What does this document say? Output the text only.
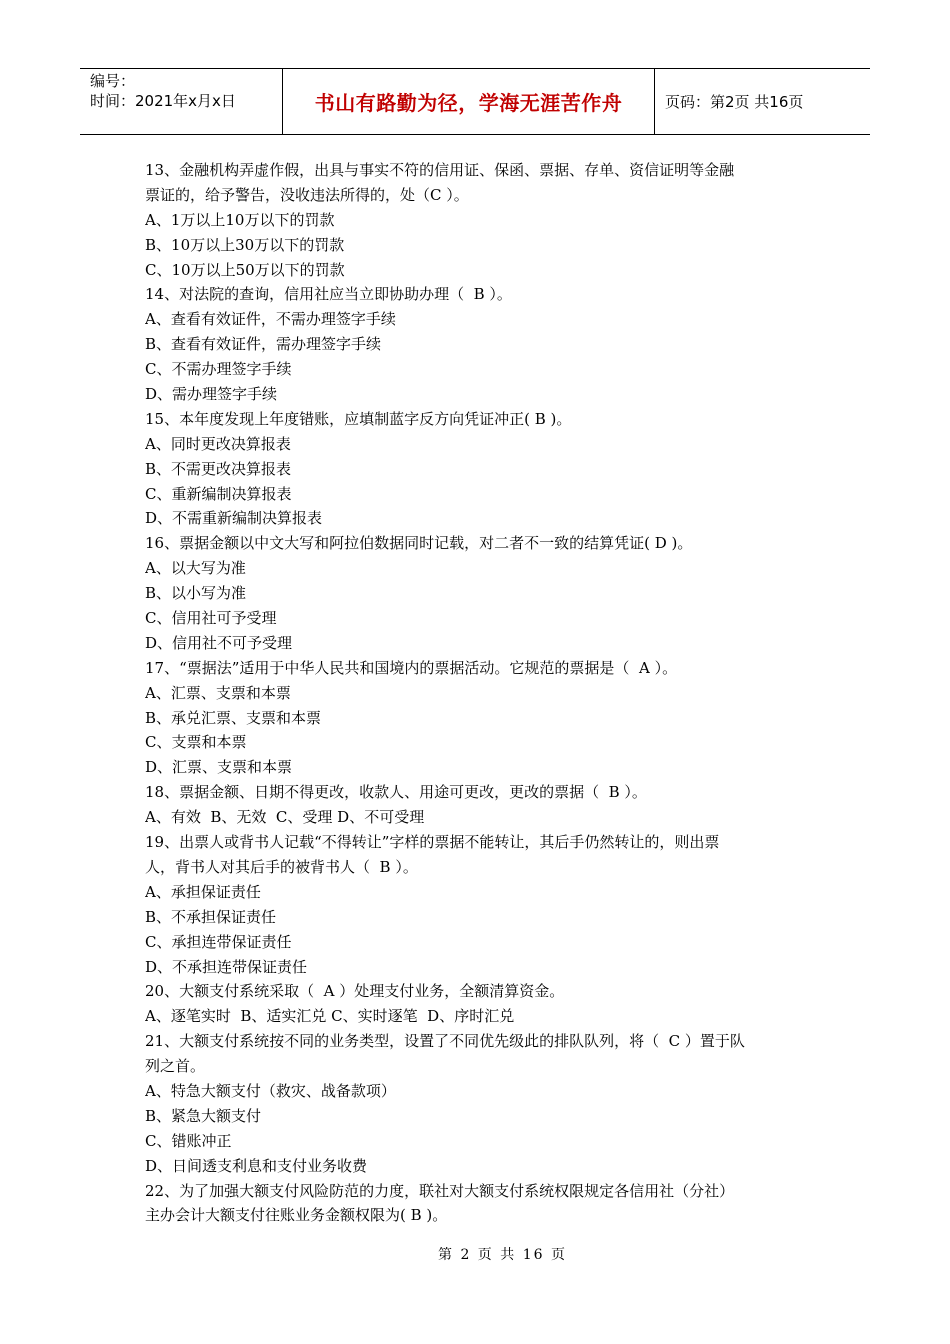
编号：
时间：2021年x月x日	书山有路勤为径，学海无涯苦作舟	页码：第2页 共16页
13、金融机构弄虚作假，出具与事实不符的信用证、保函、票据、存单、资信证明等金融
票证的，给予警告，没收违法所得的，处（C ）。
A、1万以上10万以下的罚款
B、10万以上30万以下的罚款
C、10万以上50万以下的罚款
14、对法院的查询，信用社应当立即协助办理（  B ）。
A、查看有效证件，不需办理签字手续
B、查看有效证件，需办理签字手续
C、不需办理签字手续
D、需办理签字手续
15、本年度发现上年度错账，应填制蓝字反方向凭证冲正( B )。
A、同时更改决算报表
B、不需更改决算报表
C、重新编制决算报表
D、不需重新编制决算报表
16、票据金额以中文大写和阿拉伯数据同时记载，对二者不一致的结算凭证( D )。
A、以大写为准
B、以小写为准
C、信用社可予受理
D、信用社不可予受理
17、“票据法”适用于中华人民共和国境内的票据活动。它规范的票据是（  A ）。
A、汇票、支票和本票
B、承兑汇票、支票和本票
C、支票和本票
D、汇票、支票和本票
18、票据金额、日期不得更改，收款人、用途可更改，更改的票据（  B ）。
A、有效  B、无效  C、受理 D、不可受理
19、出票人或背书人记载“不得转让”字样的票据不能转让，其后手仍然转让的，则出票
人，背书人对其后手的被背书人（  B ）。
A、承担保证责任
B、不承担保证责任
C、承担连带保证责任
D、不承担连带保证责任
20、大额支付系统采取（  A ）处理支付业务，全额清算资金。
A、逐笔实时  B、适实汇兑 C、实时逐笔  D、序时汇兑
21、大额支付系统按不同的业务类型，设置了不同优先级此的排队队列，将（  C ）置于队
列之首。
A、特急大额支付（救灾、战备款项）
B、紧急大额支付
C、错账冲正
D、日间透支利息和支付业务收费
22、为了加强大额支付风险防范的力度，联社对大额支付系统权限规定各信用社（分社）
主办会计大额支付往账业务金额权限为( B )。
第 2 页 共 16 页
